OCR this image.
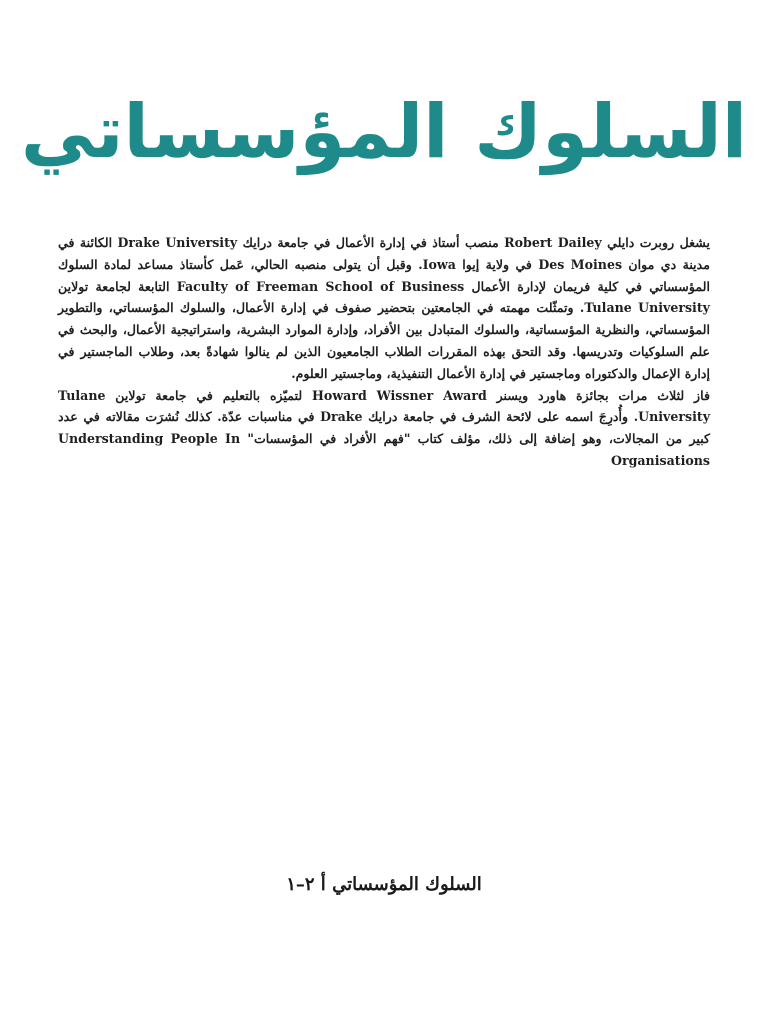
السلوك المؤسساتي

يشغل روبرت دايلي Robert Dailey منصب أستاذ في إدارة الأعمال في جامعة درايك Drake University الكائنة في مدينة دي موان Des Moines في ولاية إيوا Iowa. وقبل أن يتولى منصبه الحالي، عَمل كأستاذ مساعد لمادة السلوك المؤسساتي في كلية فريمان لإدارة الأعمال Faculty of Freeman School of Business التابعة لجامعة تولاين Tulane University. وتمثّلت مهمته في الجامعتين بتحضير صفوف في إدارة الأعمال، والسلوك المؤسساتي، والتطوير المؤسساتي، والنظرية المؤسساتية، والسلوك المتبادل بين الأفراد، وإدارة الموارد البشرية، واستراتيجية الأعمال، والبحث في علم السلوكيات وتدريسها. وقد التحق بهذه المقررات الطلاب الجامعيون الذين لم ينالوا شهادةً بعد، وطلاب الماجستير في إدارة الإعمال والدكتوراه وماجستير في إدارة الأعمال التنفيذية، وماجستير العلوم.

فاز لثلاث مرات بجائزة هاورد ويسنر Howard Wissner Award لتميّزه بالتعليم في جامعة تولاين Tulane University. وأُدرِجَ اسمه على لائحة الشرف في جامعة درايك Drake في مناسبات عدّة. كذلك نُشرَت مقالاته في عدد كبير من المجالات، وهو إضافة إلى ذلك، مؤلف كتاب "فهم الأفراد في المؤسسات" Understanding People In Organisations

السلوك المؤسساتي أ ٢–١
